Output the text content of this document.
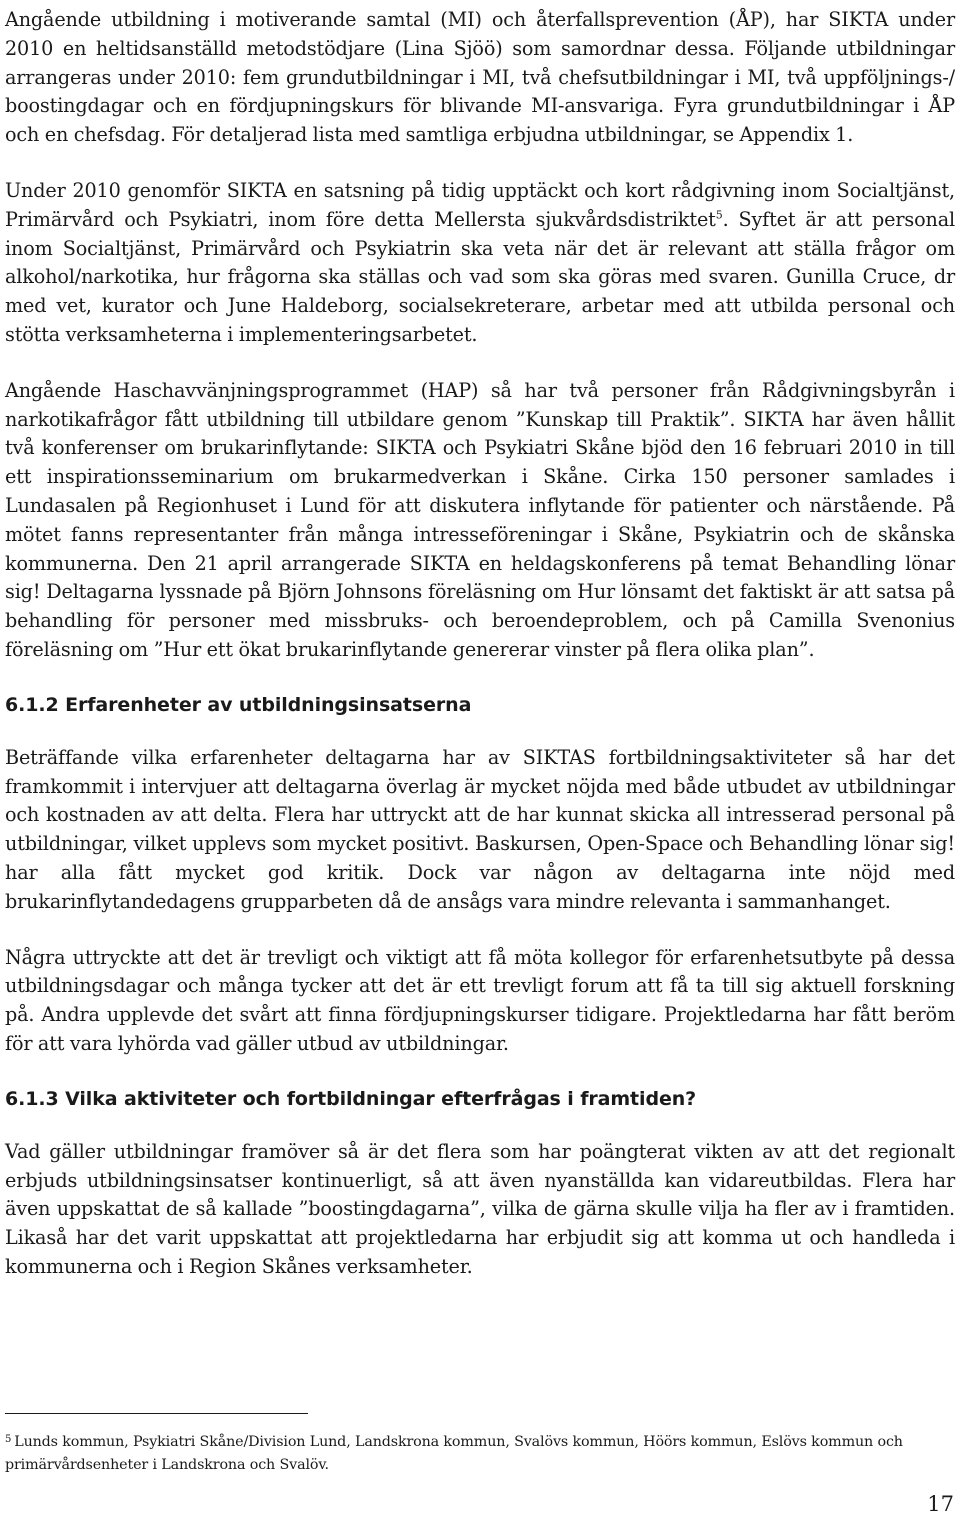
Angående utbildning i motiverande samtal (MI) och återfallsprevention (ÅP), har SIKTA under 2010 en heltidsanställd metodstödjare (Lina Sjöö) som samordnar dessa. Följande utbildningar arrangeras under 2010: fem grundutbildningar i MI, två chefsutbildningar i MI, två uppföljnings-/ boostingdagar och en fördjupningskurs för blivande MI-ansvariga. Fyra grundutbildningar i ÅP och en chefsdag. För detaljerad lista med samtliga erbjudna utbildningar, se Appendix 1.

Under 2010 genomför SIKTA en satsning på tidig upptäckt och kort rådgivning inom Socialtjänst, Primärvård och Psykiatri, inom före detta Mellersta sjukvårdsdistriktet$^5$. Syftet är att personal inom Socialtjänst, Primärvård och Psykiatrin ska veta när det är relevant att ställa frågor om alkohol/narkotika, hur frågorna ska ställas och vad som ska göras med svaren. Gunilla Cruce, dr med vet, kurator och June Haldeborg, socialsekreterare, arbetar med att utbilda personal och stötta verksamheterna i implementeringsarbetet.

Angående Haschavvänjningsprogrammet (HAP) så har två personer från Rådgivningsbyrån i narkotikafrågor fått utbildning till utbildare genom ”Kunskap till Praktik”. SIKTA har även hållit två konferenser om brukarinflytande: SIKTA och Psykiatri Skåne bjöd den 16 februari 2010 in till ett inspirationsseminarium om brukarmedverkan i Skåne. Cirka 150 personer samlades i Lundasalen på Regionhuset i Lund för att diskutera inflytande för patienter och närstående. På mötet fanns representanter från många intresseföreningar i Skåne, Psykiatrin och de skånska kommunerna. Den 21 april arrangerade SIKTA en heldagskonferens på temat Behandling lönar sig! Deltagarna lyssnade på Björn Johnsons föreläsning om Hur lönsamt det faktiskt är att satsa på behandling för personer med missbruks- och beroendeproblem, och på Camilla Svenonius föreläsning om ”Hur ett ökat brukarinflytande genererar vinster på flera olika plan”.

6.1.2 Erfarenheter av utbildningsinsatserna

Beträffande vilka erfarenheter deltagarna har av SIKTAS fortbildningsaktiviteter så har det framkommit i intervjuer att deltagarna överlag är mycket nöjda med både utbudet av utbildningar och kostnaden av att delta. Flera har uttryckt att de har kunnat skicka all intresserad personal på utbildningar, vilket upplevs som mycket positivt. Baskursen, Open-Space och Behandling lönar sig! har alla fått mycket god kritik. Dock var någon av deltagarna inte nöjd med brukarinflytandedagens grupparbeten då de ansågs vara mindre relevanta i sammanhanget.

Några uttryckte att det är trevligt och viktigt att få möta kollegor för erfarenhetsutbyte på dessa utbildningsdagar och många tycker att det är ett trevligt forum att få ta till sig aktuell forskning på. Andra upplevde det svårt att finna fördjupningskurser tidigare. Projektledarna har fått beröm för att vara lyhörda vad gäller utbud av utbildningar.

6.1.3 Vilka aktiviteter och fortbildningar efterfrågas i framtiden?

Vad gäller utbildningar framöver så är det flera som har poängterat vikten av att det regionalt erbjuds utbildningsinsatser kontinuerligt, så att även nyanställda kan vidareutbildas. Flera har även uppskattat de så kallade ”boostingdagarna”, vilka de gärna skulle vilja ha fler av i framtiden. Likaså har det varit uppskattat att projektledarna har erbjudit sig att komma ut och handleda i kommunerna och i Region Skånes verksamheter.

$^5$ Lunds kommun, Psykiatri Skåne/Division Lund, Landskrona kommun, Svalövs kommun, Höörs kommun, Eslövs kommun och primärvårdsenheter i Landskrona och Svalöv.

17
